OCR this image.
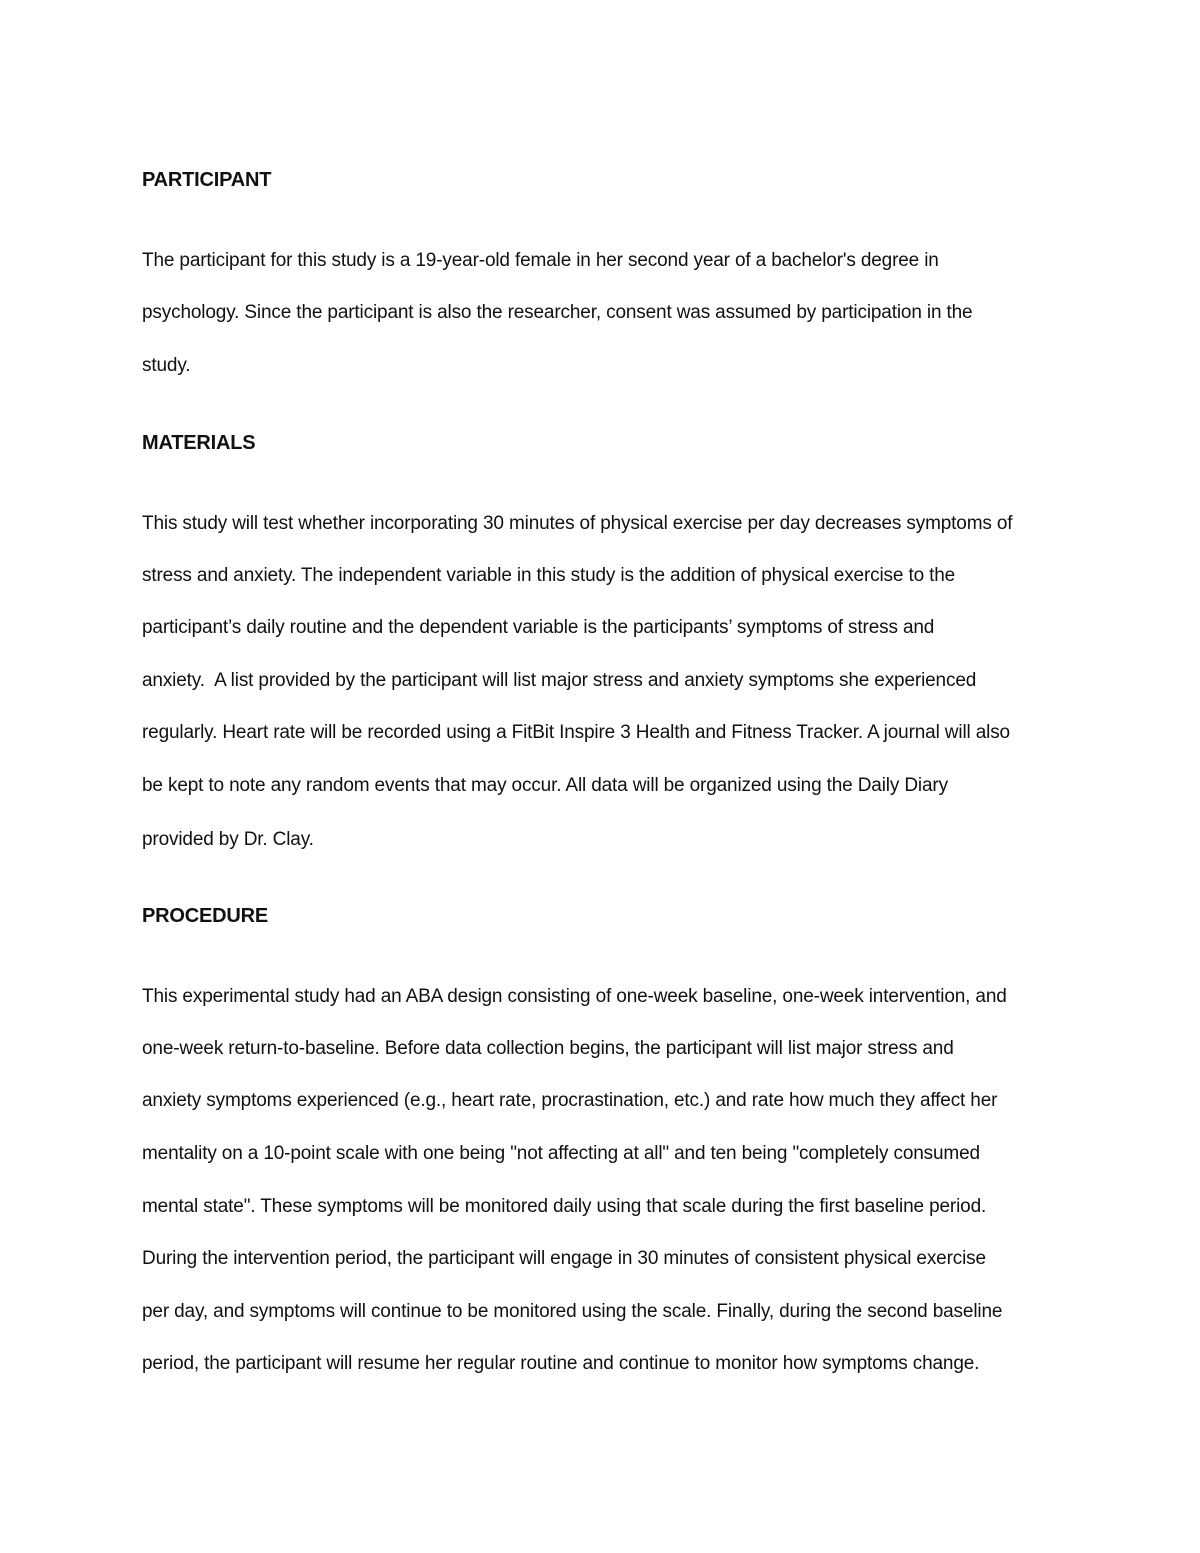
PARTICIPANT

The participant for this study is a 19-year-old female in her second year of a bachelor's degree in

psychology. Since the participant is also the researcher, consent was assumed by participation in the

study.

MATERIALS

This study will test whether incorporating 30 minutes of physical exercise per day decreases symptoms of

stress and anxiety. The independent variable in this study is the addition of physical exercise to the

participant’s daily routine and the dependent variable is the participants’ symptoms of stress and

anxiety.  A list provided by the participant will list major stress and anxiety symptoms she experienced

regularly. Heart rate will be recorded using a FitBit Inspire 3 Health and Fitness Tracker. A journal will also

be kept to note any random events that may occur. All data will be organized using the Daily Diary

provided by Dr. Clay.

PROCEDURE

This experimental study had an ABA design consisting of one-week baseline, one-week intervention, and

one-week return-to-baseline. Before data collection begins, the participant will list major stress and

anxiety symptoms experienced (e.g., heart rate, procrastination, etc.) and rate how much they affect her

mentality on a 10-point scale with one being "not affecting at all" and ten being "completely consumed

mental state". These symptoms will be monitored daily using that scale during the first baseline period.

During the intervention period, the participant will engage in 30 minutes of consistent physical exercise

per day, and symptoms will continue to be monitored using the scale. Finally, during the second baseline

period, the participant will resume her regular routine and continue to monitor how symptoms change.
